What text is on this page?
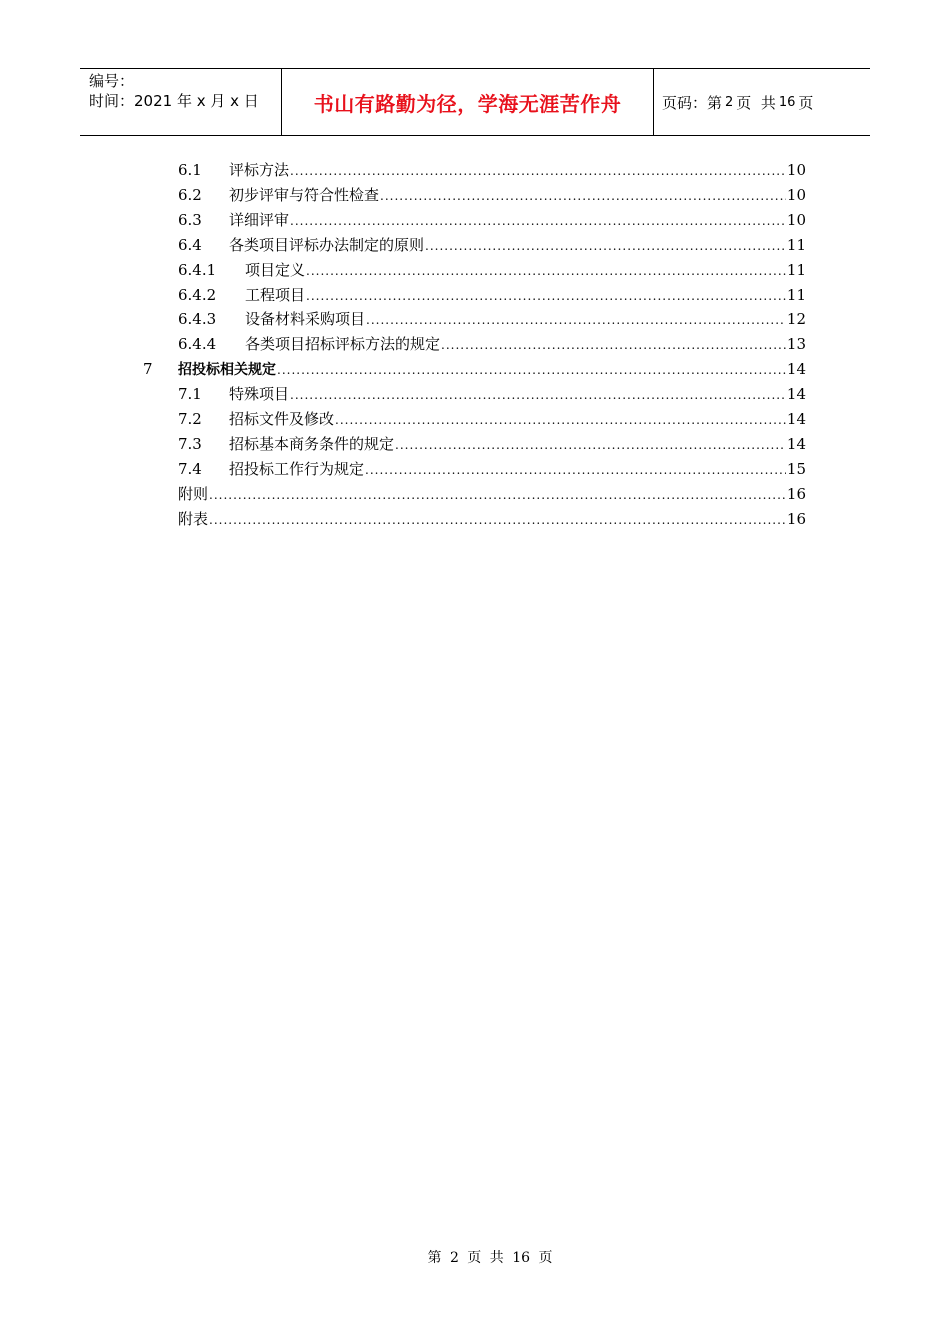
编号：
时间：2021 年 x 月 x 日	书山有路勤为径，学海无涯苦作舟	页码：第 2 页  共 16 页
6.1	评标方法 .....	10
6.2	初步评审与符合性检查 .....	10
6.3	详细评审 .....	10
6.4	各类项目评标办法制定的原则 .....	11
6.4.1	项目定义 .....	11
6.4.2	工程项目 .....	11
6.4.3	设备材料采购项目 .....	12
6.4.4	各类项目招标评标方法的规定 .....	13
7	招投标相关规定 .....	14
7.1	特殊项目 .....	14
7.2	招标文件及修改 .....	14
7.3	招标基本商务条件的规定 .....	14
7.4	招投标工作行为规定 .....	15
附则 .....	16
附表 .....	16
第 2 页 共 16 页
